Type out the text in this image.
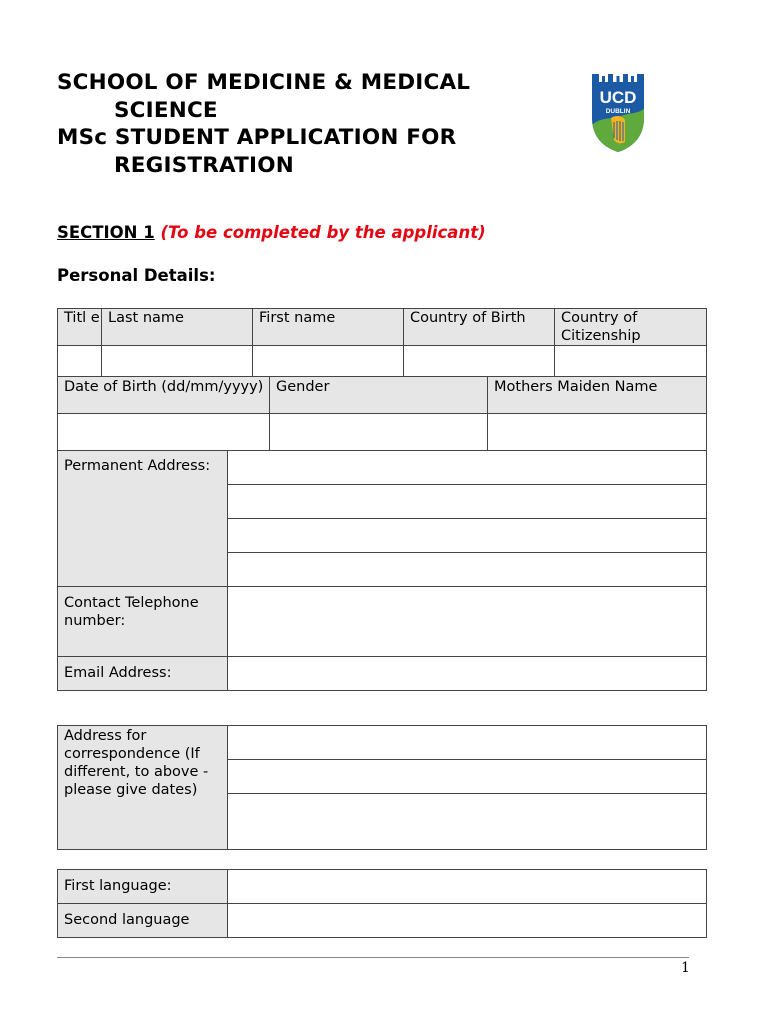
SCHOOL OF MEDICINE & MEDICAL
SCIENCE
MSc STUDENT APPLICATION FOR
REGISTRATION
UCD
DUBLIN
SECTION 1 (To be completed by the applicant)
Personal Details:
Titl e	Last name	First name	Country of Birth	Country of Citizenship

Date of Birth (dd/mm/yyyy)	Gender	Mothers Maiden Name

Permanent Address:	

Contact Telephone number:	
Email Address:	
Address for correspondence (If different, to above - please give dates)	

First language:	
Second language	
1
